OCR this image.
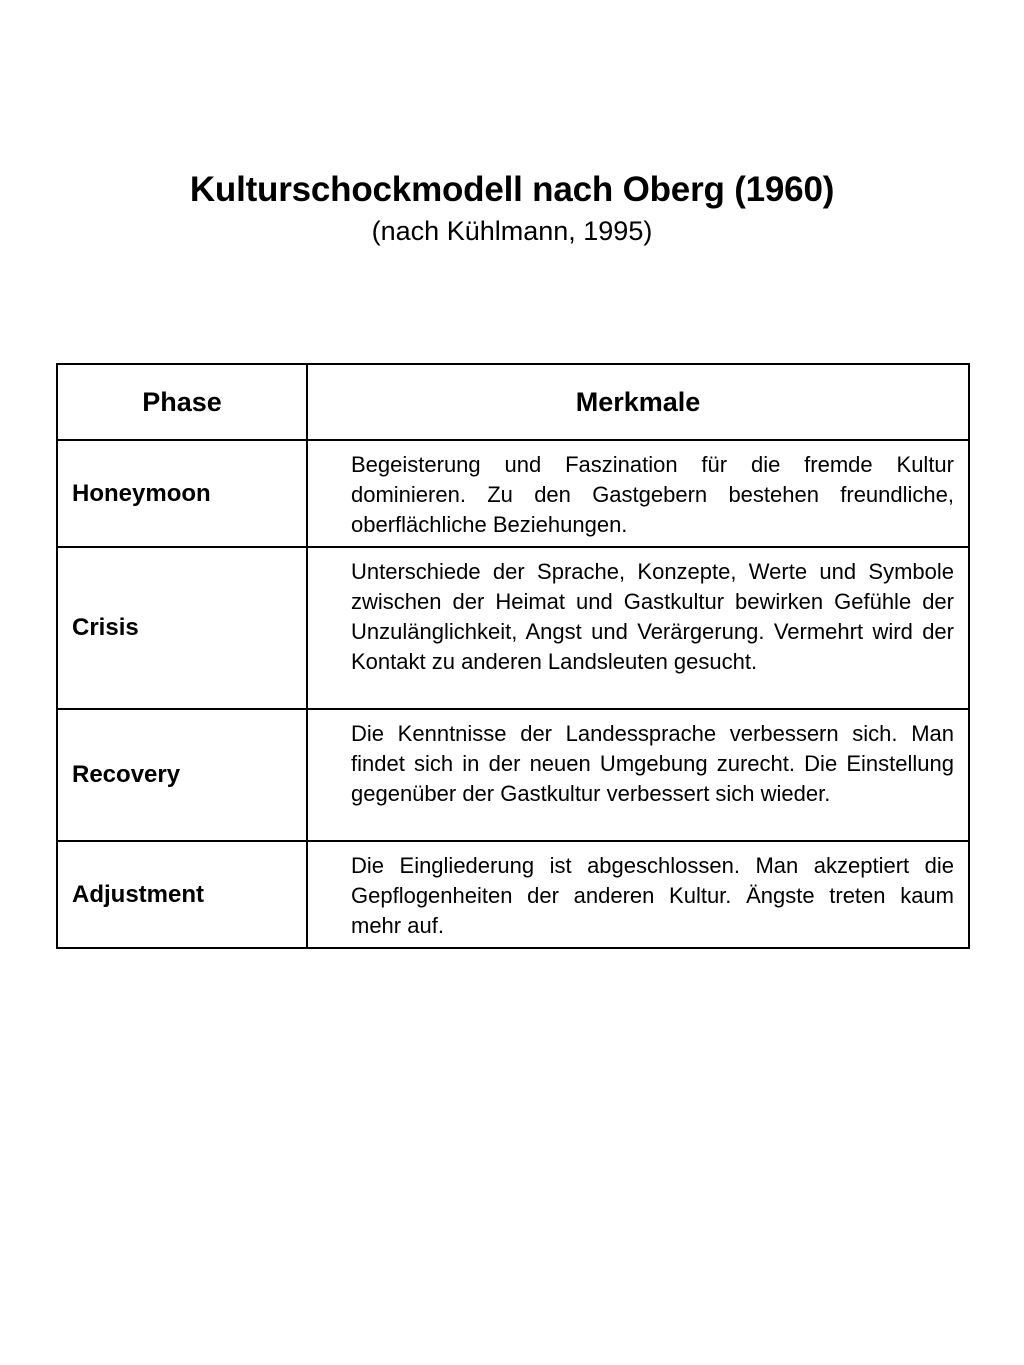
Kulturschockmodell nach Oberg (1960)

(nach Kühlmann, 1995)

Phase	Merkmale
Honeymoon	Begeisterung und Faszination für die fremde Kultur dominieren. Zu den Gastgebern bestehen freundliche, oberflächliche Beziehungen.

Crisis	Unterschiede der Sprache, Konzepte, Werte und Symbole zwischen der Heimat und Gastkultur bewirken Gefühle der Unzulänglichkeit, Angst und Verärgerung. Vermehrt wird der Kontakt zu anderen Landsleuten gesucht.

Recovery	Die Kenntnisse der Landessprache verbessern sich. Man findet sich in der neuen Umgebung zurecht. Die Einstellung gegenüber der Gastkultur verbessert sich wieder.

Adjustment	Die Eingliederung ist abgeschlossen. Man akzeptiert die Gepflogenheiten der anderen Kultur. Ängste treten kaum mehr auf.
